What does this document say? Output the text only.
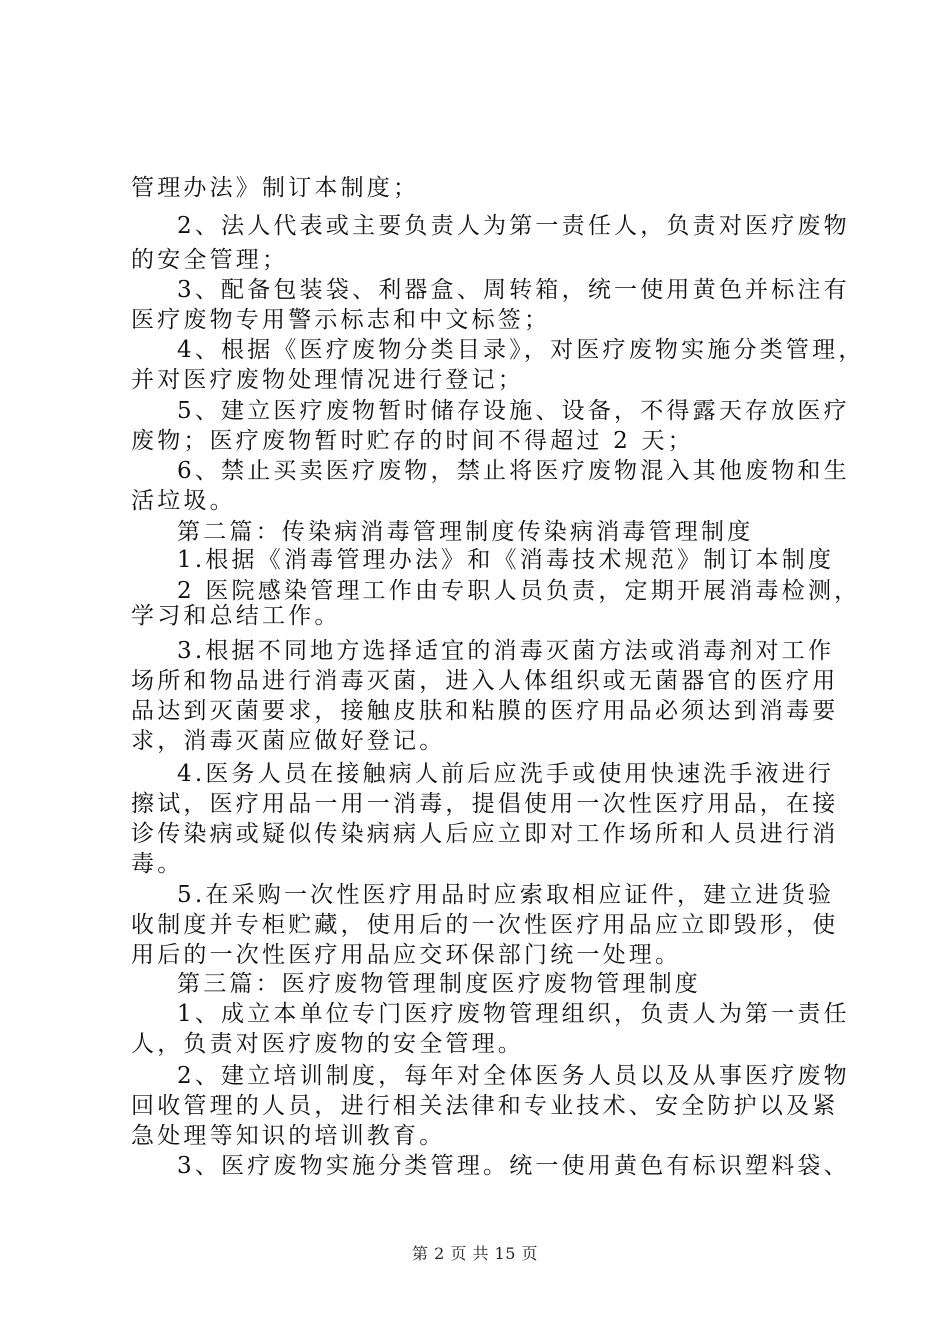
管理办法》制订本制度；
2、法人代表或主要负责人为第一责任人，负责对医疗废物
的安全管理；
3、配备包装袋、利器盒、周转箱，统一使用黄色并标注有
医疗废物专用警示标志和中文标签；
4、根据《医疗废物分类目录》，对医疗废物实施分类管理，
并对医疗废物处理情况进行登记；
5、建立医疗废物暂时储存设施、设备，不得露天存放医疗
废物；医疗废物暂时贮存的时间不得超过 2 天；
6、禁止买卖医疗废物，禁止将医疗废物混入其他废物和生
活垃圾。
第二篇：传染病消毒管理制度传染病消毒管理制度
1.根据《消毒管理办法》和《消毒技术规范》制订本制度
2 医院感染管理工作由专职人员负责，定期开展消毒检测，
学习和总结工作。
3.根据不同地方选择适宜的消毒灭菌方法或消毒剂对工作
场所和物品进行消毒灭菌，进入人体组织或无菌器官的医疗用
品达到灭菌要求，接触皮肤和粘膜的医疗用品必须达到消毒要
求，消毒灭菌应做好登记。
4.医务人员在接触病人前后应洗手或使用快速洗手液进行
擦试，医疗用品一用一消毒，提倡使用一次性医疗用品，在接
诊传染病或疑似传染病病人后应立即对工作场所和人员进行消
毒。
5.在采购一次性医疗用品时应索取相应证件，建立进货验
收制度并专柜贮藏，使用后的一次性医疗用品应立即毁形，使
用后的一次性医疗用品应交环保部门统一处理。
第三篇：医疗废物管理制度医疗废物管理制度
1、成立本单位专门医疗废物管理组织，负责人为第一责任
人，负责对医疗废物的安全管理。
2、建立培训制度，每年对全体医务人员以及从事医疗废物
回收管理的人员，进行相关法律和专业技术、安全防护以及紧
急处理等知识的培训教育。
3、医疗废物实施分类管理。统一使用黄色有标识塑料袋、
第 2 页 共 15 页
